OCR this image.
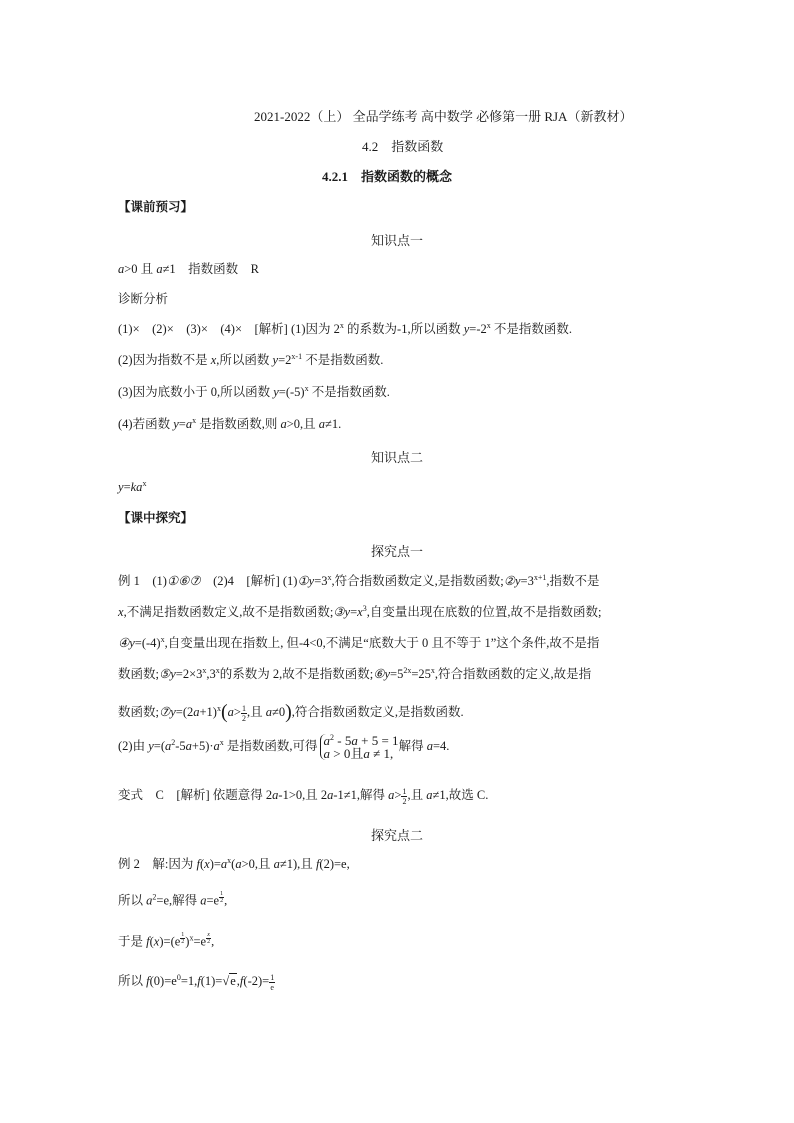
2021-2022（上） 全品学练考 高中数学 必修第一册 RJA（新教材）
4.2　指数函数
4.2.1　指数函数的概念
【课前预习】
知识点一
a>0 且 a≠1　指数函数　R
诊断分析
(1)×　(2)×　(3)×　(4)×　[解析] (1)因为 2$^x$ 的系数为-1,所以函数 $y=-2^x$ 不是指数函数.
(2)因为指数不是 x,所以函数 $y=2^{x-1}$ 不是指数函数.
(3)因为底数小于 0,所以函数 $y=(-5)^x$ 不是指数函数.
(4)若函数 $y=a^x$ 是指数函数,则 a>0,且 a≠1.
知识点二
$y=ka^x$
【课中探究】
探究点一
例 1　(1)①⑥⑦　(2)4　[解析] $(1)①y=3^x$,符合指数函数定义,是指数函数$;②y=3^{x+1}$,指数不是
x,不满足指数函数定义,故不是指数函数$;③y=x^3$,自变量出现在底数的位置,故不是指数函数;
$④y=(-4)^x$,自变量出现在指数上, 但-4<0,不满足“底数大于 0 且不等于 1”这个条件,故不是指
数函数$;⑤y=2\times 3^x,3^x$的系数为 2,故不是指数函数$;⑥y=5^{2x}=25^x$,符合指数函数的定义,故是指
数函数$;⑦y=(2a+1)^x(a> \frac{1}{2}$ ,且 a≠0),符合指数函数定义,是指数函数.
(2)由 $y=(a^2-5a+5)\cdot a^x$ 是指数函数,可得 $a^2 - 5a + 5 = 1$
a > 0且a ≠ 1,解得 a=4.
变式　C　[解析] 依题意得 2a-1>0,且 2a-1≠1,解得 $a> \frac{1}{2}$ ,且 a≠1,故选 C.
探究点二
例 2　解:因为 $f(x)=a^x(a>0$,且 a≠1),且 f(2)=e,
所以 $a^2=e$,解得 a=e $^{\frac{1}{2}}$ ,
于是 f(x)=(e $^{\frac{1}{2}}$ )$^x$=e $^{\frac{x}{2}}$ ,
所以 $f(0)=e^0=1,f(1)=√e,f(-2)= \frac{1}{e}$
